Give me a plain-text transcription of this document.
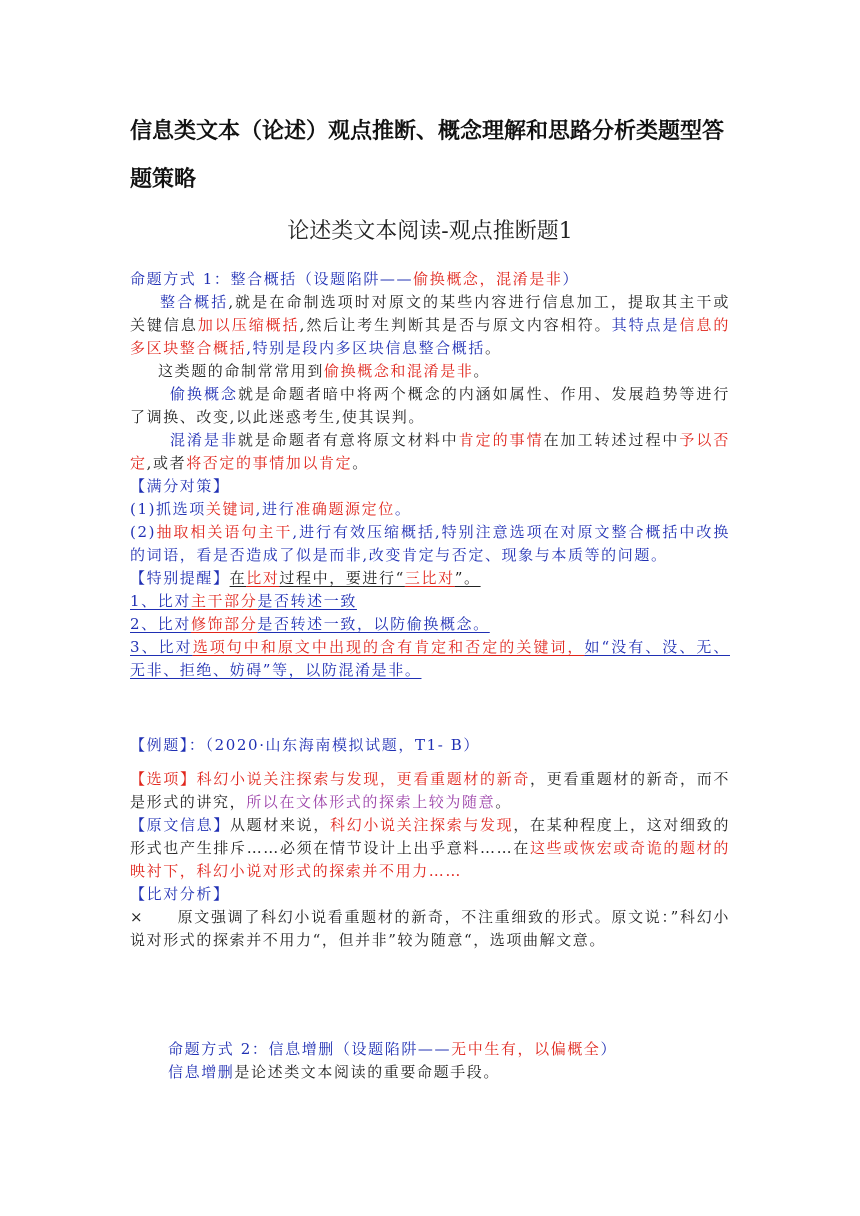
信息类文本（论述）观点推断、概念理解和思路分析类题型答题策略
论述类文本阅读-观点推断题1

命题方式 1：整合概括（设题陷阱——偷换概念，混淆是非）

整合概括,就是在命制选项时对原文的某些内容进行信息加工，提取其主干或关键信息加以压缩概括,然后让考生判断其是否与原文内容相符。其特点是信息的多区块整合概括,特别是段内多区块信息整合概括。

这类题的命制常常用到偷换概念和混淆是非。

偷换概念就是命题者暗中将两个概念的内涵如属性、作用、发展趋势等进行了调换、改变,以此迷惑考生,使其误判。

混淆是非就是命题者有意将原文材料中肯定的事情在加工转述过程中予以否定,或者将否定的事情加以肯定。

【满分对策】

(1)抓选项关键词,进行准确题源定位。

(2)抽取相关语句主干,进行有效压缩概括,特别注意选项在对原文整合概括中改换的词语，看是否造成了似是而非,改变肯定与否定、现象与本质等的问题。

【特别提醒】在比对过程中，要进行“三比对”。

1、比对主干部分是否转述一致

2、比对修饰部分是否转述一致，以防偷换概念。

3、比对选项句中和原文中出现的含有肯定和否定的关键词，如“没有、没、无、无非、拒绝、妨碍”等，以防混淆是非。

【例题】：（2020·山东海南模拟试题，T1- B）

【选项】科幻小说关注探索与发现，更看重题材的新奇，更看重题材的新奇，而不是形式的讲究，所以在文体形式的探索上较为随意。

【原文信息】从题材来说，科幻小说关注探索与发现，在某种程度上，这对细致的形式也产生排斥……必须在情节设计上出乎意料……在这些或恢宏或奇诡的题材的映衬下，科幻小说对形式的探索并不用力……

【比对分析】

×　　原文强调了科幻小说看重题材的新奇，不注重细致的形式。原文说：”科幻小说对形式的探索并不用力“，但并非”较为随意“，选项曲解文意。

命题方式 2：信息增删（设题陷阱——无中生有，以偏概全）

信息增删是论述类文本阅读的重要命题手段。
